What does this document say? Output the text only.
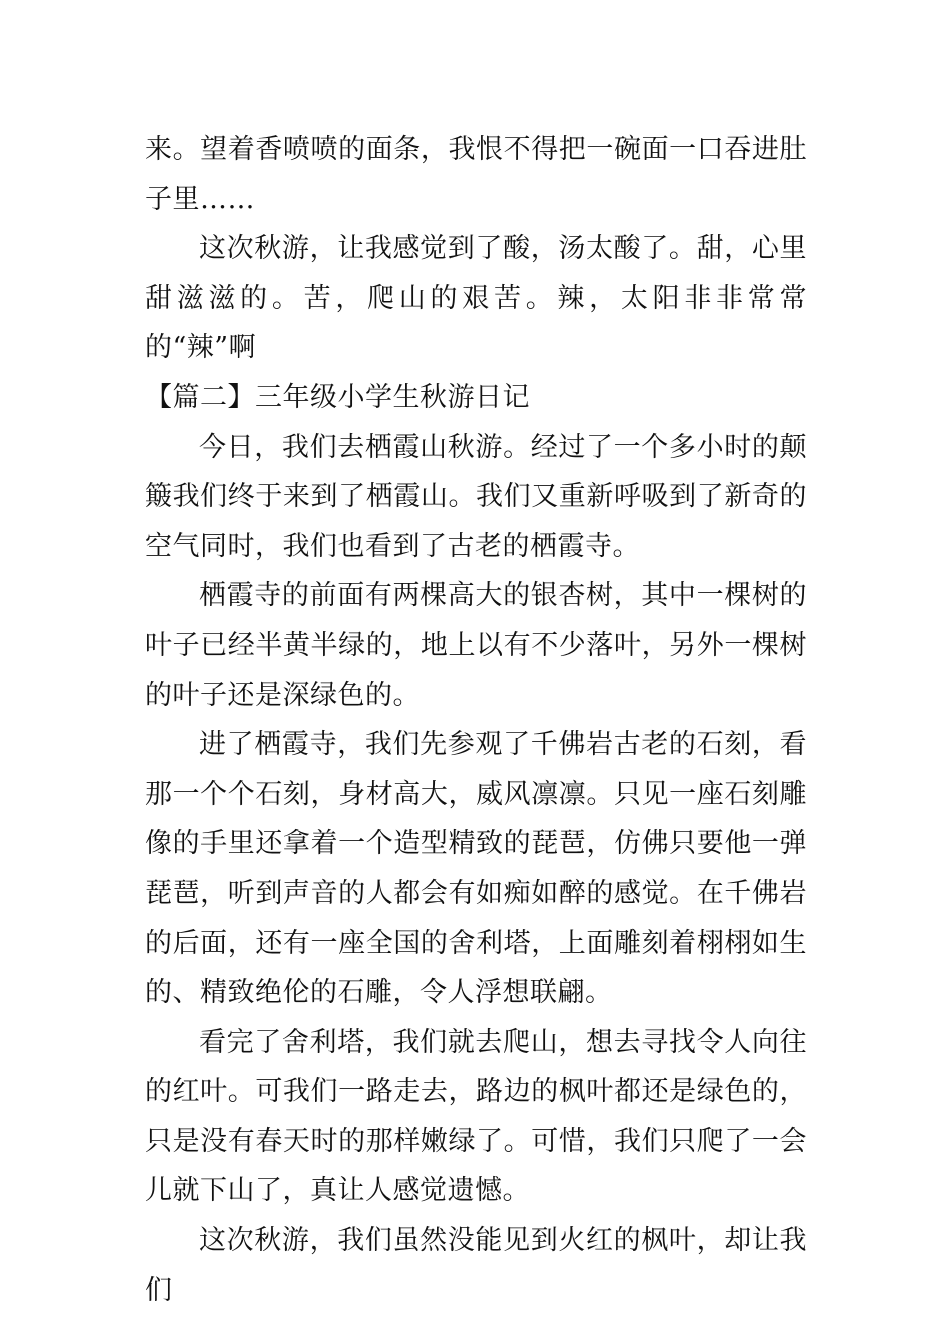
来。望着香喷喷的面条，我恨不得把一碗面一口吞进肚子里……

这次秋游，让我感觉到了酸，汤太酸了。甜，心里甜滋滋的。苦，爬山的艰苦。辣，太阳非非常常的“辣”啊

【篇二】三年级小学生秋游日记

今日，我们去栖霞山秋游。经过了一个多小时的颠簸我们终于来到了栖霞山。我们又重新呼吸到了新奇的空气同时，我们也看到了古老的栖霞寺。

栖霞寺的前面有两棵高大的银杏树，其中一棵树的叶子已经半黄半绿的，地上以有不少落叶，另外一棵树的叶子还是深绿色的。

进了栖霞寺，我们先参观了千佛岩古老的石刻，看那一个个石刻，身材高大，威风凛凛。只见一座石刻雕像的手里还拿着一个造型精致的琵琶，仿佛只要他一弹琵琶，听到声音的人都会有如痴如醉的感觉。在千佛岩的后面，还有一座全国的舍利塔，上面雕刻着栩栩如生的、精致绝伦的石雕，令人浮想联翩。

看完了舍利塔，我们就去爬山，想去寻找令人向往的红叶。可我们一路走去，路边的枫叶都还是绿色的，只是没有春天时的那样嫩绿了。可惜，我们只爬了一会儿就下山了，真让人感觉遗憾。

这次秋游，我们虽然没能见到火红的枫叶，却让我们
